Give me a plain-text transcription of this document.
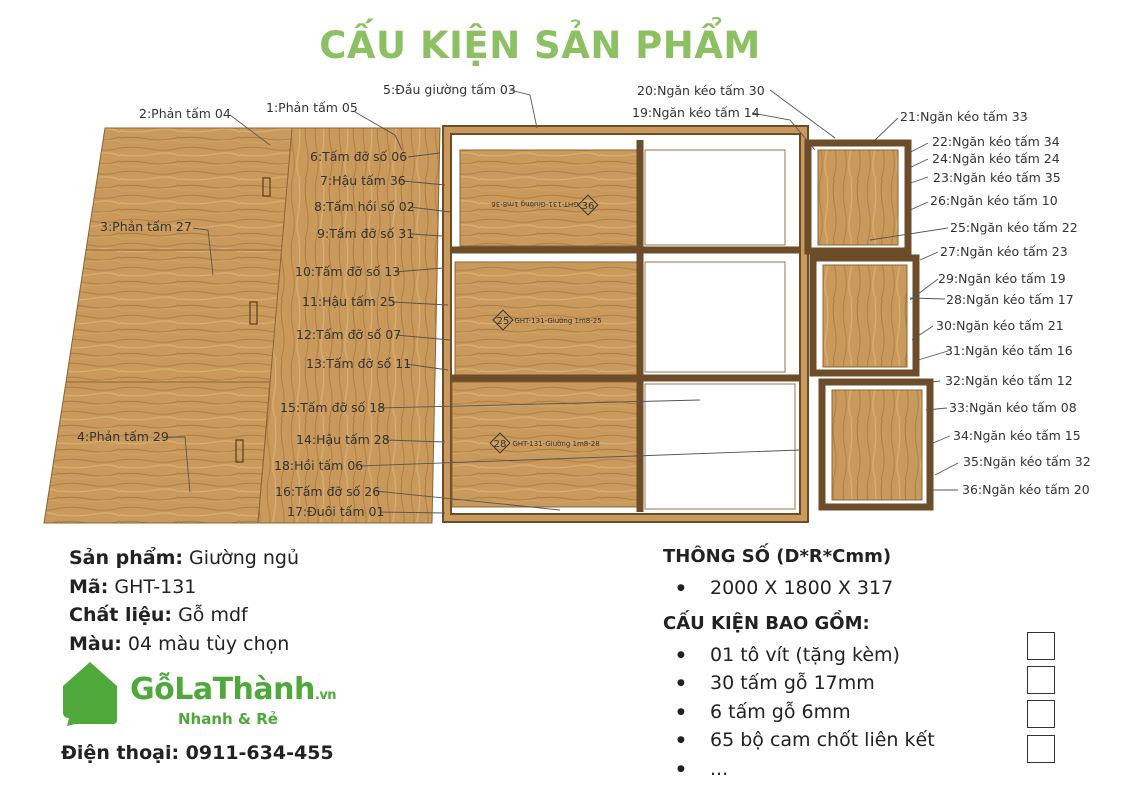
CẤU KIỆN SẢN PHẨM
36
GHT-131-Giường 1m8-36
25 GHT-131-Giường 1m8-25
28 GHT-131-Giường 1m8-28
2:Phản tấm 04	1:Phản tấm 05
5:Đầu giường tấm 03
6:Tấm đỡ số 06
7:Hậu tấm 36
8:Tấm hồi số 02
9:Tấm đỡ số 31
10:Tấm đỡ số 13
11:Hậu tấm 25
12:Tấm đỡ số 07
13:Tấm đỡ số 11
15:Tấm đỡ số 18
14:Hậu tấm 28
18:Hồi tấm 06
16:Tấm đỡ số 26
17:Đuôi tấm 01
3:Phản tấm 27
4:Phản tấm 29
20:Ngăn kéo tấm 30
19:Ngăn kéo tấm 14	21:Ngăn kéo tấm 33
22:Ngăn kéo tấm 34
24:Ngăn kéo tấm 24
23:Ngăn kéo tấm 35
26:Ngăn kéo tấm 10
25:Ngăn kéo tấm 22
27:Ngăn kéo tấm 23
29:Ngăn kéo tấm 19
28:Ngăn kéo tấm 17
30:Ngăn kéo tấm 21
31:Ngăn kéo tấm 16
32:Ngăn kéo tấm 12
33:Ngăn kéo tấm 08
34:Ngăn kéo tấm 15
35:Ngăn kéo tấm 32
36:Ngăn kéo tấm 20
Sản phẩm: Giường ngủ
Mã: GHT-131
Chất liệu: Gỗ mdf
Màu: 04 màu tùy chọn
GỗLaThành.vn
Nhanh & Rẻ
Điện thoại: 0911-634-455
THÔNG SỐ (D*R*Cmm)
● 2000 X 1800 X 317
CẤU KIỆN BAO GỒM:
● 01 tô vít (tặng kèm)
● 30 tấm gỗ 17mm
● 6 tấm gỗ 6mm
● 65 bộ cam chốt liên kết
● ...
